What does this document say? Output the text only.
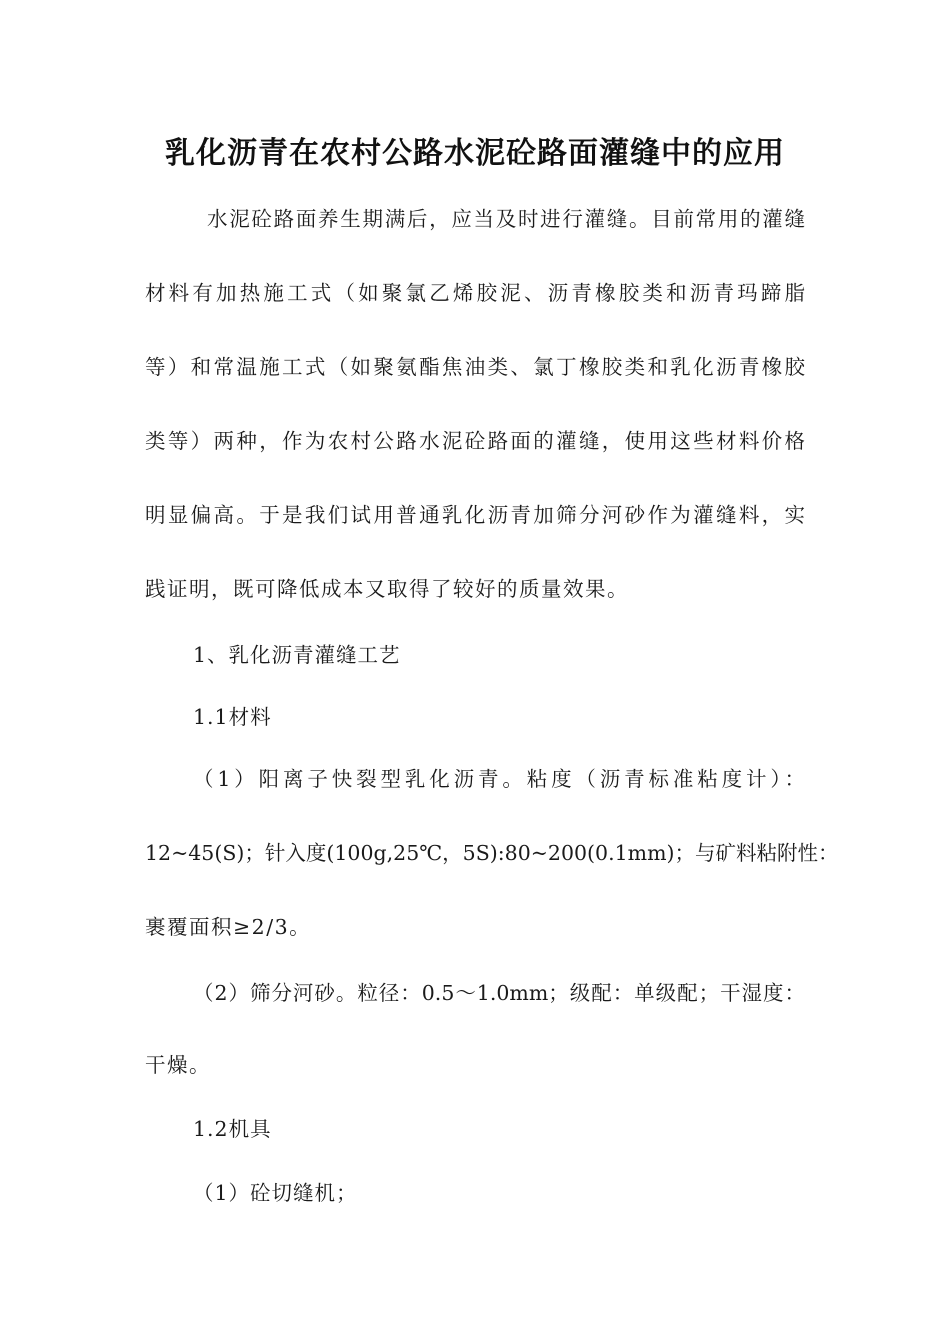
乳化沥青在农村公路水泥砼路面灌缝中的应用
水泥砼路面养生期满后，应当及时进行灌缝。目前常用的灌缝
材料有加热施工式（如聚氯乙烯胶泥、沥青橡胶类和沥青玛蹄脂
等）和常温施工式（如聚氨酯焦油类、氯丁橡胶类和乳化沥青橡胶
类等）两种，作为农村公路水泥砼路面的灌缝，使用这些材料价格
明显偏高。于是我们试用普通乳化沥青加筛分河砂作为灌缝料，实
践证明，既可降低成本又取得了较好的质量效果。
1、乳化沥青灌缝工艺
1.1材料
（1）阳离子快裂型乳化沥青。粘度（沥青标准粘度计）：
12~45(S)；针入度(100g,25℃，5S):80~200(0.1mm)；与矿料粘附性：
裹覆面积≥2/3。
（2）筛分河砂。粒径：0.5～1.0mm；级配：单级配；干湿度：
干燥。
1.2机具
（1）砼切缝机；
